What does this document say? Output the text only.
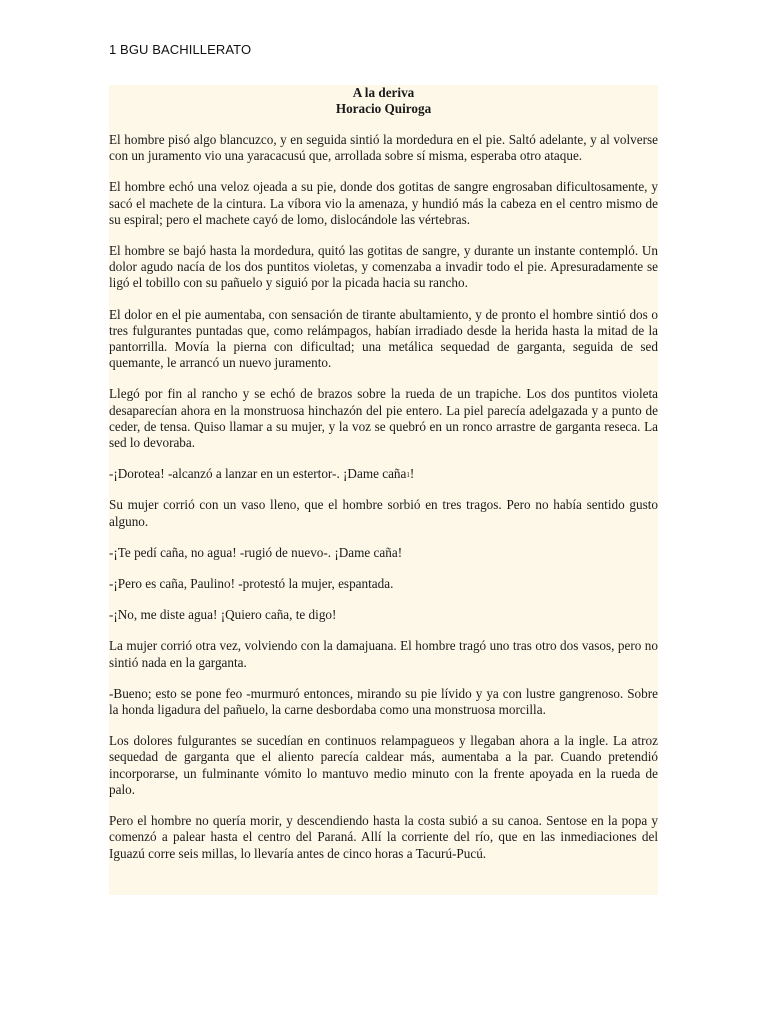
1 BGU BACHILLERATO
A la deriva
Horacio Quiroga

El hombre pisó algo blancuzco, y en seguida sintió la mordedura en el pie. Saltó adelante, y al volverse con un juramento vio una yaracacusú que, arrollada sobre sí misma, esperaba otro ataque.

El hombre echó una veloz ojeada a su pie, donde dos gotitas de sangre engrosaban dificultosamente, y sacó el machete de la cintura. La víbora vio la amenaza, y hundió más la cabeza en el centro mismo de su espiral; pero el machete cayó de lomo, dislocándole las vértebras.

El hombre se bajó hasta la mordedura, quitó las gotitas de sangre, y durante un instante contempló. Un dolor agudo nacía de los dos puntitos violetas, y comenzaba a invadir todo el pie. Apresuradamente se ligó el tobillo con su pañuelo y siguió por la picada hacia su rancho.

El dolor en el pie aumentaba, con sensación de tirante abultamiento, y de pronto el hombre sintió dos o tres fulgurantes puntadas que, como relámpagos, habían irradiado desde la herida hasta la mitad de la pantorrilla. Movía la pierna con dificultad; una metálica sequedad de garganta, seguida de sed quemante, le arrancó un nuevo juramento.

Llegó por fin al rancho y se echó de brazos sobre la rueda de un trapiche. Los dos puntitos violeta desaparecían ahora en la monstruosa hinchazón del pie entero. La piel parecía adelgazada y a punto de ceder, de tensa. Quiso llamar a su mujer, y la voz se quebró en un ronco arrastre de garganta reseca. La sed lo devoraba.

-¡Dorotea! -alcanzó a lanzar en un estertor-. ¡Dame caña$^1$!

Su mujer corrió con un vaso lleno, que el hombre sorbió en tres tragos. Pero no había sentido gusto alguno.

-¡Te pedí caña, no agua! -rugió de nuevo-. ¡Dame caña!

-¡Pero es caña, Paulino! -protestó la mujer, espantada.

-¡No, me diste agua! ¡Quiero caña, te digo!

La mujer corrió otra vez, volviendo con la damajuana. El hombre tragó uno tras otro dos vasos, pero no sintió nada en la garganta.

-Bueno; esto se pone feo -murmuró entonces, mirando su pie lívido y ya con lustre gangrenoso. Sobre la honda ligadura del pañuelo, la carne desbordaba como una monstruosa morcilla.

Los dolores fulgurantes se sucedían en continuos relampagueos y llegaban ahora a la ingle. La atroz sequedad de garganta que el aliento parecía caldear más, aumentaba a la par. Cuando pretendió incorporarse, un fulminante vómito lo mantuvo medio minuto con la frente apoyada en la rueda de palo.

Pero el hombre no quería morir, y descendiendo hasta la costa subió a su canoa. Sentose en la popa y comenzó a palear hasta el centro del Paraná. Allí la corriente del río, que en las inmediaciones del Iguazú corre seis millas, lo llevaría antes de cinco horas a Tacurú-Pucú.
